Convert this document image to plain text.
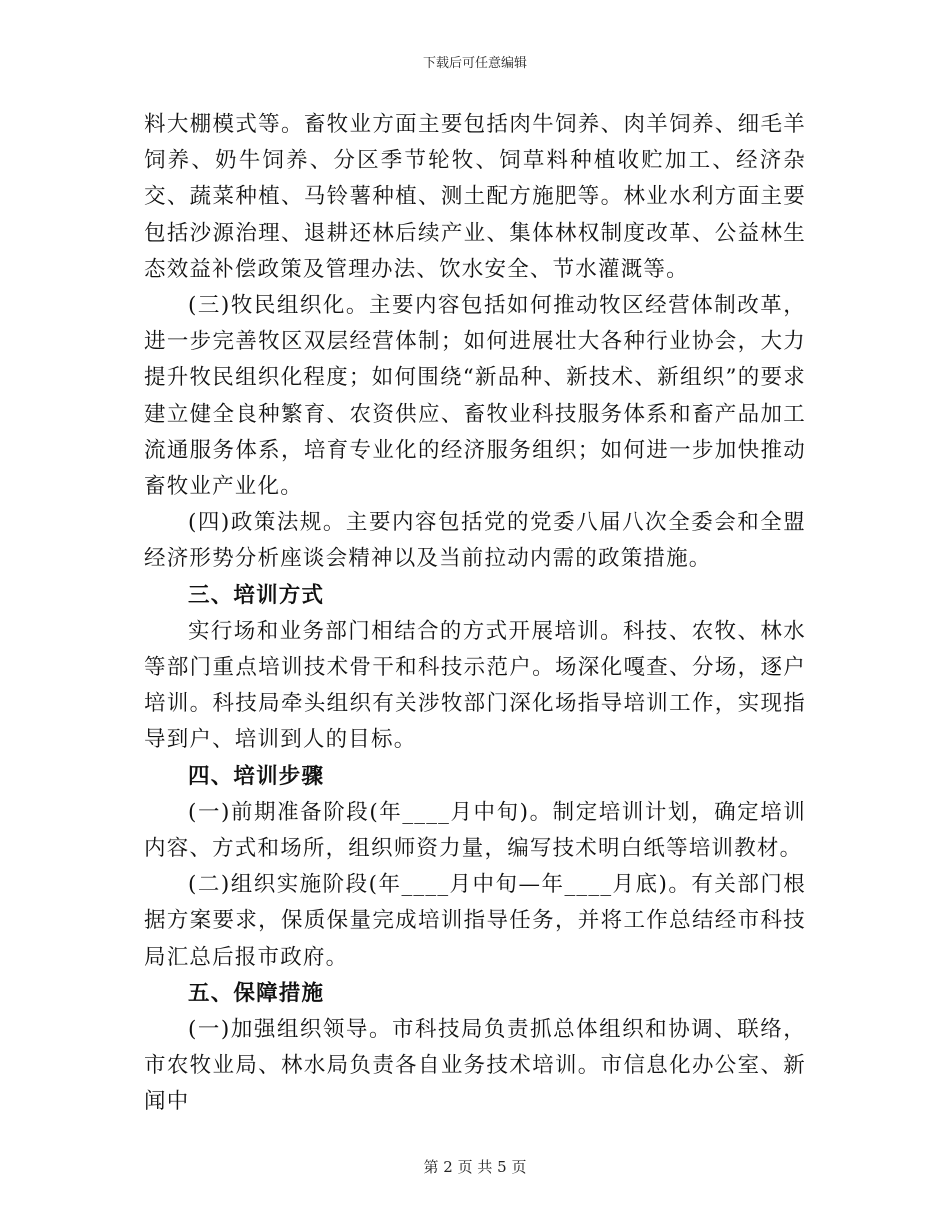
下载后可任意编辑

料大棚模式等。畜牧业方面主要包括肉牛饲养、肉羊饲养、细毛羊饲养、奶牛饲养、分区季节轮牧、饲草料种植收贮加工、经济杂交、蔬菜种植、马铃薯种植、测土配方施肥等。林业水利方面主要包括沙源治理、退耕还林后续产业、集体林权制度改革、公益林生态效益补偿政策及管理办法、饮水安全、节水灌溉等。

(三)牧民组织化。主要内容包括如何推动牧区经营体制改革，进一步完善牧区双层经营体制；如何进展壮大各种行业协会，大力提升牧民组织化程度；如何围绕“新品种、新技术、新组织”的要求建立健全良种繁育、农资供应、畜牧业科技服务体系和畜产品加工流通服务体系，培育专业化的经济服务组织；如何进一步加快推动畜牧业产业化。

(四)政策法规。主要内容包括党的党委八届八次全委会和全盟经济形势分析座谈会精神以及当前拉动内需的政策措施。

三、培训方式

实行场和业务部门相结合的方式开展培训。科技、农牧、林水等部门重点培训技术骨干和科技示范户。场深化嘎查、分场，逐户培训。科技局牵头组织有关涉牧部门深化场指导培训工作，实现指导到户、培训到人的目标。

四、培训步骤

(一)前期准备阶段(年____月中旬)。制定培训计划，确定培训内容、方式和场所，组织师资力量，编写技术明白纸等培训教材。

(二)组织实施阶段(年____月中旬—年____月底)。有关部门根据方案要求，保质保量完成培训指导任务，并将工作总结经市科技局汇总后报市政府。

五、保障措施

(一)加强组织领导。市科技局负责抓总体组织和协调、联络，市农牧业局、林水局负责各自业务技术培训。市信息化办公室、新闻中

第 2 页 共 5 页
